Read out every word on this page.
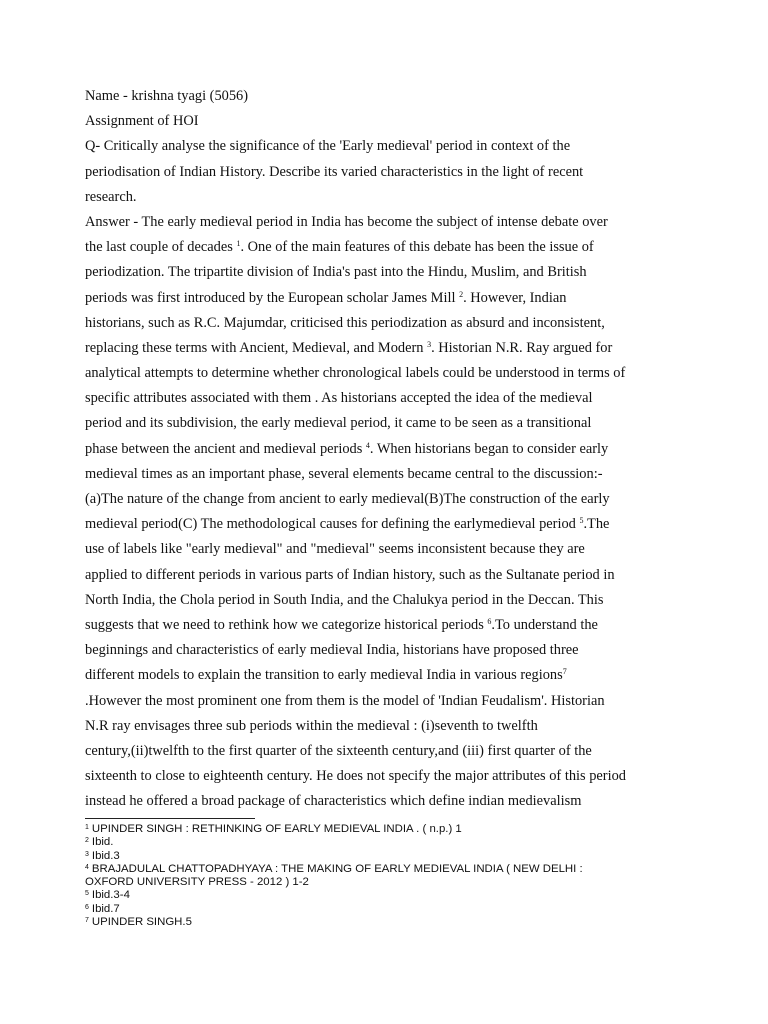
Name - krishna tyagi (5056)
Assignment of HOI
Q- Critically analyse the significance of the 'Early medieval' period in context of the
periodisation of Indian History. Describe its varied characteristics in the light of recent
research.
Answer - The early medieval period in India has become the subject of intense debate over
the last couple of decades $^1$. One of the main features of this debate has been the issue of
periodization. The tripartite division of India's past into the Hindu, Muslim, and British
periods was first introduced by the European scholar James Mill $^2$. However, Indian
historians, such as R.C. Majumdar, criticised this periodization as absurd and inconsistent,
replacing these terms with Ancient, Medieval, and Modern $^3$. Historian N.R. Ray argued for
analytical attempts to determine whether chronological labels could be understood in terms of
specific attributes associated with them . As historians accepted the idea of the medieval
period and its subdivision, the early medieval period, it came to be seen as a transitional
phase between the ancient and medieval periods $^4$. When historians began to consider early
medieval times as an important phase, several elements became central to the discussion:-
(a)The nature of the change from ancient to early medieval(B)The construction of the early
medieval period(C) The methodological causes for defining the earlymedieval period $^5$.The
use of labels like "early medieval" and "medieval" seems inconsistent because they are
applied to different periods in various parts of Indian history, such as the Sultanate period in
North India, the Chola period in South India, and the Chalukya period in the Deccan. This
suggests that we need to rethink how we categorize historical periods $^6$.To understand the
beginnings and characteristics of early medieval India, historians have proposed three
different models to explain the transition to early medieval India in various regions$^7$
.However the most prominent one from them is the model of 'Indian Feudalism'. Historian
N.R ray envisages three sub periods within the medieval : (i)seventh to twelfth
century,(ii)twelfth to the first quarter of the sixteenth century,and (iii) first quarter of the
sixteenth to close to eighteenth century. He does not specify the major attributes of this period
instead he offered a broad package of characteristics which define indian medievalism
$^1$ UPINDER SINGH : RETHINKING OF EARLY MEDIEVAL INDIA . ( n.p.) 1
$^2$ Ibid.
$^3$ Ibid.3
$^4$ BRAJADULAL CHATTOPADHYAYA : THE MAKING OF EARLY MEDIEVAL INDIA ( NEW DELHI :
OXFORD UNIVERSITY PRESS - 2012 ) 1-2
$^5$ Ibid.3-4
$^6$ Ibid.7
$^7$ UPINDER SINGH.5
